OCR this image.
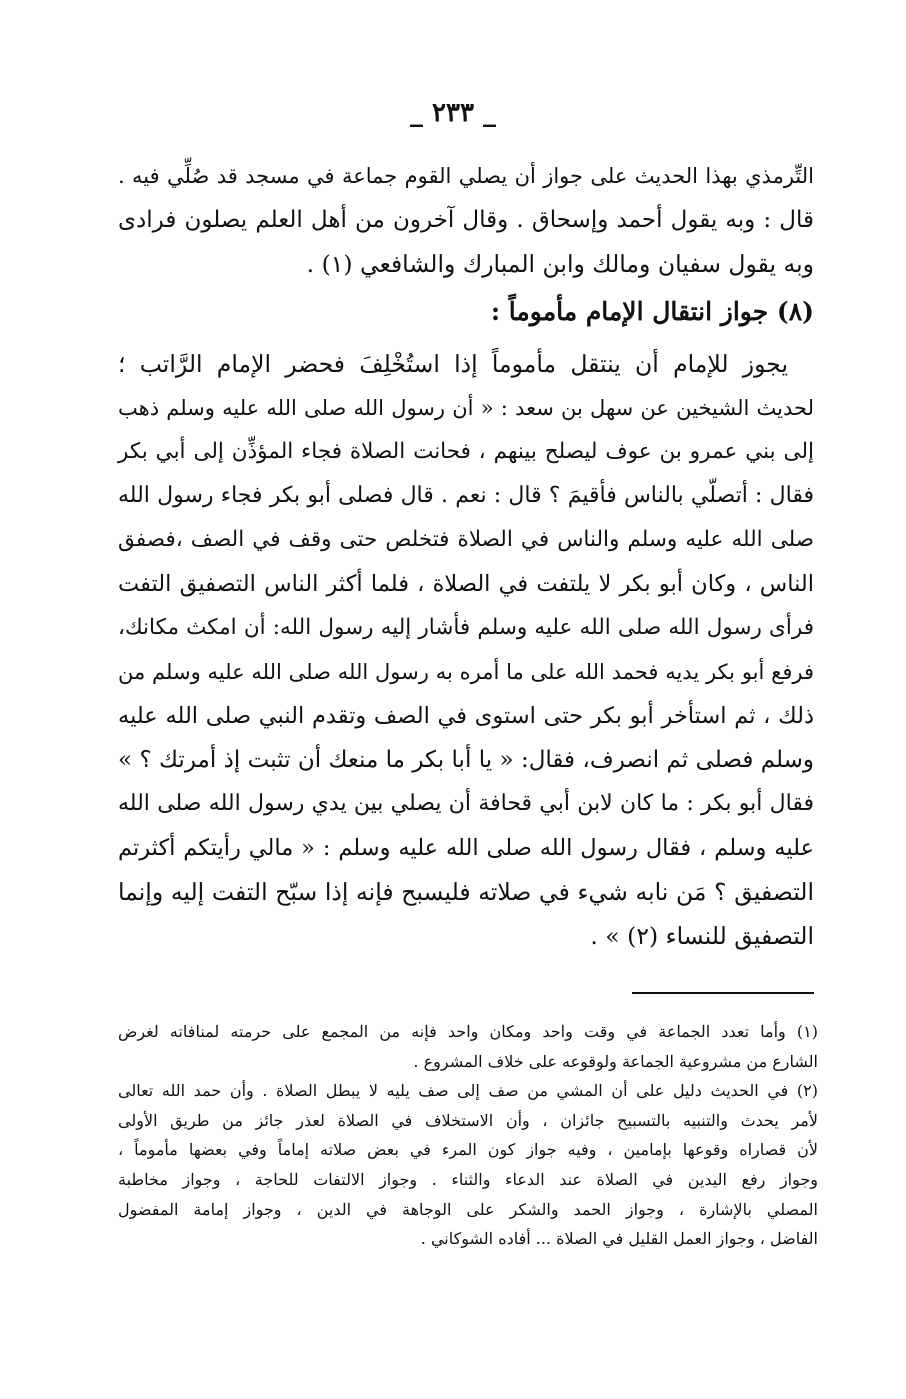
_ ٢٣٣ _
التِّرمذي بهذا الحديث على جواز أن يصلي القوم جماعة في مسجد قد صُلِّي فيه .
قال : وبه يقول أحمد وإسحاق . وقال آخرون من أهل العلم يصلون فرادى
وبه يقول سفيان ومالك وابن المبارك والشافعي (١) .
(٨) جواز انتقال الإمام مأموماً :
يجوز للإمام أن ينتقل مأموماً إذا استُخْلِفَ فحضر الإمام الرَّاتب ؛
لحديث الشيخين عن سهل بن سعد : « أن رسول الله صلى الله عليه وسلم ذهب
إلى بني عمرو بن عوف ليصلح بينهم ، فحانت الصلاة فجاء المؤذِّن إلى أبي بكر
فقال : أتصلّي بالناس فأقيمَ ؟ قال : نعم . قال فصلى أبو بكر فجاء رسول الله
صلى الله عليه وسلم والناس في الصلاة فتخلص حتى وقف في الصف ،فصفق
الناس ، وكان أبو بكر لا يلتفت في الصلاة ، فلما أكثر الناس التصفيق التفت
فرأى رسول الله صلى الله عليه وسلم فأشار إليه رسول الله: أن امكث مكانك،
فرفع أبو بكر يديه فحمد الله على ما أمره به رسول الله صلى الله عليه وسلم من
ذلك ، ثم استأخر أبو بكر حتى استوى في الصف وتقدم النبي صلى الله عليه
وسلم فصلى ثم انصرف، فقال: « يا أبا بكر ما منعك أن تثبت إذ أمرتك ؟ »
فقال أبو بكر : ما كان لابن أبي قحافة أن يصلي بين يدي رسول الله صلى الله
عليه وسلم ، فقال رسول الله صلى الله عليه وسلم : « مالي رأيتكم أكثرتم
التصفيق ؟ مَن نابه شيء في صلاته فليسبح فإنه إذا سبّح التفت إليه وإنما
التصفيق للنساء (٢) » .
(١) وأما تعدد الجماعة في وقت واحد ومكان واحد فإنه من المجمع على حرمته لمنافاته لغرض
الشارع من مشروعية الجماعة ولوقوعه على خلاف المشروع .
(٢) في الحديث دليل على أن المشي من صف إلى صف يليه لا يبطل الصلاة . وأن حمد الله تعالى
لأمر يحدث والتنبيه بالتسبيح جائزان ، وأن الاستخلاف في الصلاة لعذر جائز من طريق الأولى
لأن قصاراه وقوعها بإمامين ، وفيه جواز كون المرء في بعض صلاته إماماً وفي بعضها مأموماً ،
وجواز رفع اليدين في الصلاة عند الدعاء والثناء . وجواز الالتفات للحاجة ، وجواز مخاطبة
المصلي بالإشارة ، وجواز الحمد والشكر على الوجاهة في الدين ، وجواز إمامة المفضول
الفاضل ، وجواز العمل القليل في الصلاة ... أفاده الشوكاني .
